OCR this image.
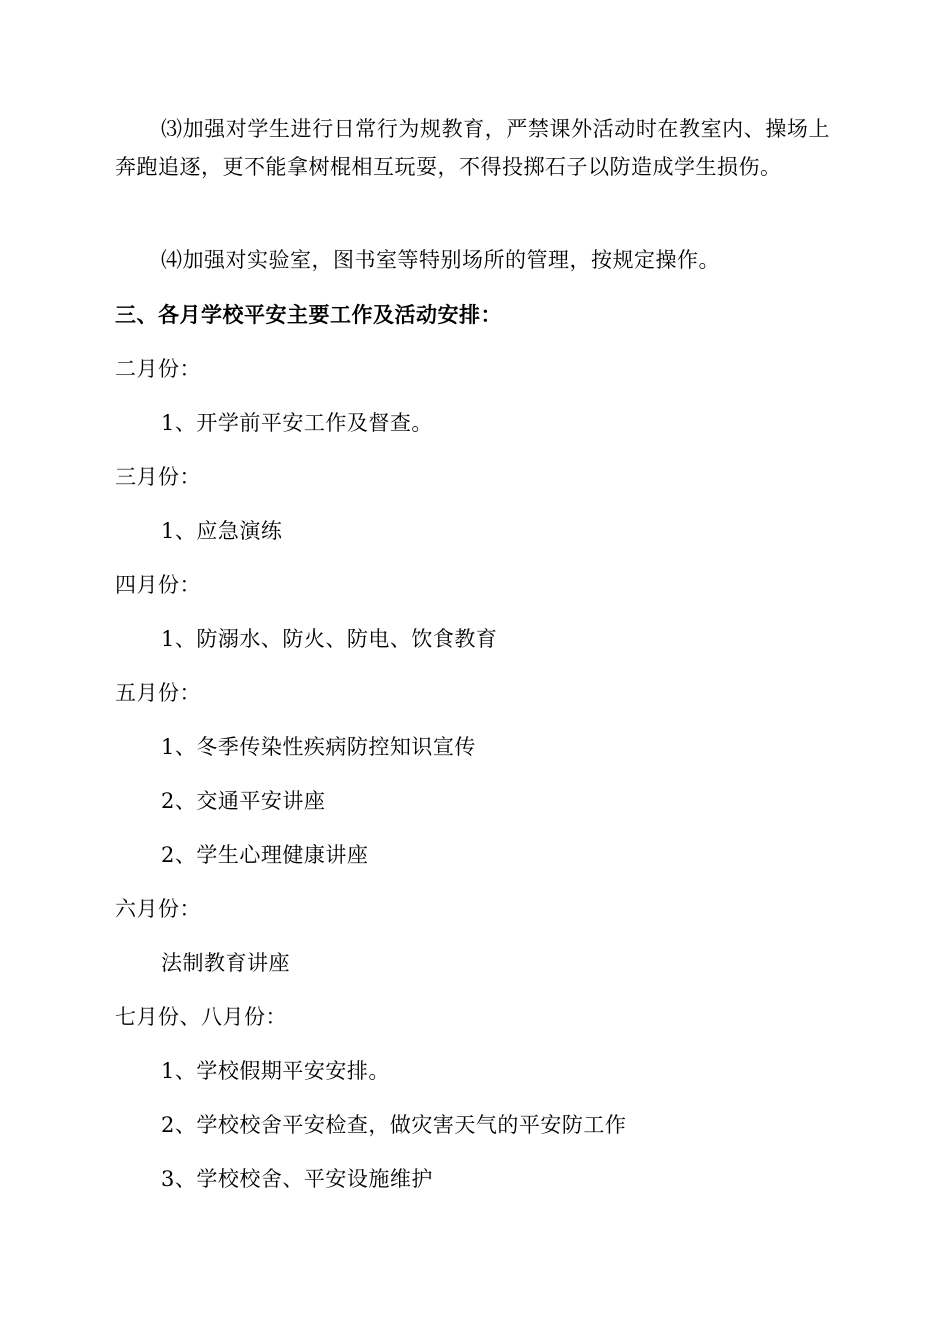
⑶加强对学生进行日常行为规教育，严禁课外活动时在教室内、操场上奔跑追逐，更不能拿树棍相互玩耍，不得投掷石子以防造成学生损伤。
⑷加强对实验室，图书室等特别场所的管理，按规定操作。
三、各月学校平安主要工作及活动安排：
二月份：
1、开学前平安工作及督查。
三月份：
1、应急演练
四月份：
1、防溺水、防火、防电、饮食教育
五月份：
1、冬季传染性疾病防控知识宣传
2、交通平安讲座
2、学生心理健康讲座
六月份：
法制教育讲座
七月份、八月份：
1、学校假期平安安排。
2、学校校舍平安检查，做灾害天气的平安防工作
3、学校校舍、平安设施维护
